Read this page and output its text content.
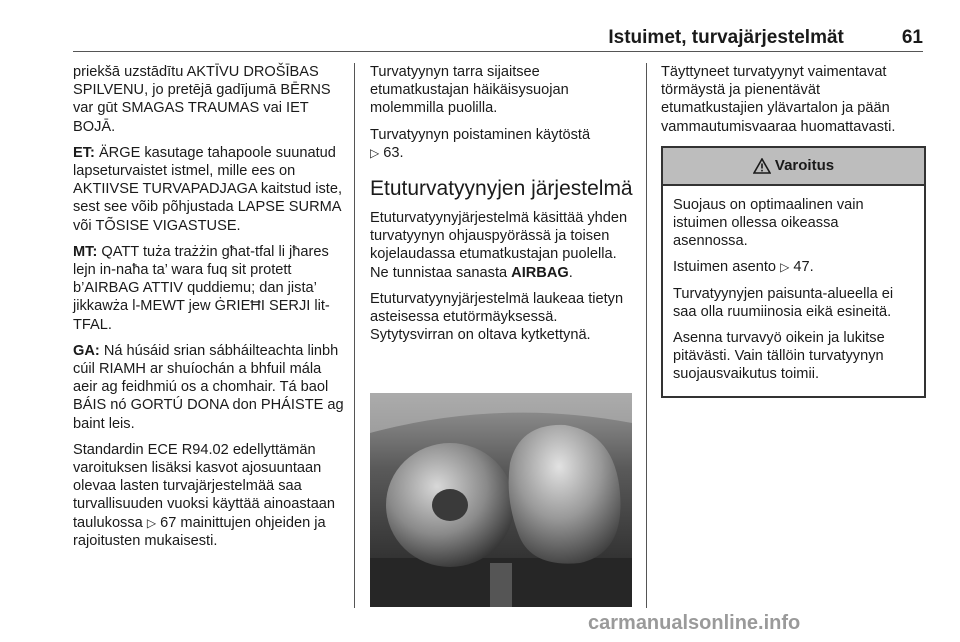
Istuimet, turvajärjestelmät	61

priekšā uzstādītu AKTĪVU DROŠĪBAS SPILVENU, jo pretējā gadījumā BĒRNS var gūt SMAGAS TRAUMAS vai IET BOJĀ.

ET: ÄRGE kasutage tahapoole suunatud lapseturvaistet istmel, mille ees on AKTIIVSE TURVAPADJAGA kaitstud iste, sest see võib põhjustada LAPSE SURMA või TÕSISE VIGASTUSE.

MT: QATT tuża trażżin għat-tfal li jħares lejn in-naħa ta’ wara fuq sit protett b’AIRBAG ATTIV quddiemu; dan jista’ jikkawża l-MEWT jew ĠRIEĦI SERJI lit-TFAL.

GA: Ná húsáid srian sábháilteachta linbh cúil RIAMH ar shuíochán a bhfuil mála aeir ag feidhmiú os a chomhair. Tá baol BÁIS nó GORTÚ DONA don PHÁISTE ag baint leis.

Standardin ECE R94.02 edellyttämän varoituksen lisäksi kasvot ajosuuntaan olevaa lasten turvajärjestelmää saa turvallisuuden vuoksi käyttää ainoastaan taulukossa ▷ 67 mainittujen ohjeiden ja rajoitusten mukaisesti.

Turvatyynyn tarra sijaitsee etumatkustajan häikäisysuojan molemmilla puolilla.

Turvatyynyn poistaminen käytöstä
▷ 63.

Etuturvatyynyjen järjestelmä

Etuturvatyynyjärjestelmä käsittää yhden turvatyynyn ohjauspyörässä ja toisen kojelaudassa etumatkustajan puolella. Ne tunnistaa sanasta AIRBAG.

Etuturvatyynyjärjestelmä laukeaa tietyn asteisessa etutörmäyksessä. Sytytysvirran on oltava kytkettynä.

Täyttyneet turvatyynyt vaimentavat törmäystä ja pienentävät etumatkustajien ylävartalon ja pään vammautumisvaaraa huomattavasti.

Varoitus

Suojaus on optimaalinen vain istuimen ollessa oikeassa asennossa.

Istuimen asento ▷ 47.

Turvatyynyjen paisunta-alueella ei saa olla ruumiinosia eikä esineitä.

Asenna turvavyö oikein ja lukitse pitävästi. Vain tällöin turvatyynyn suojausvaikutus toimii.

carmanualsonline.info
